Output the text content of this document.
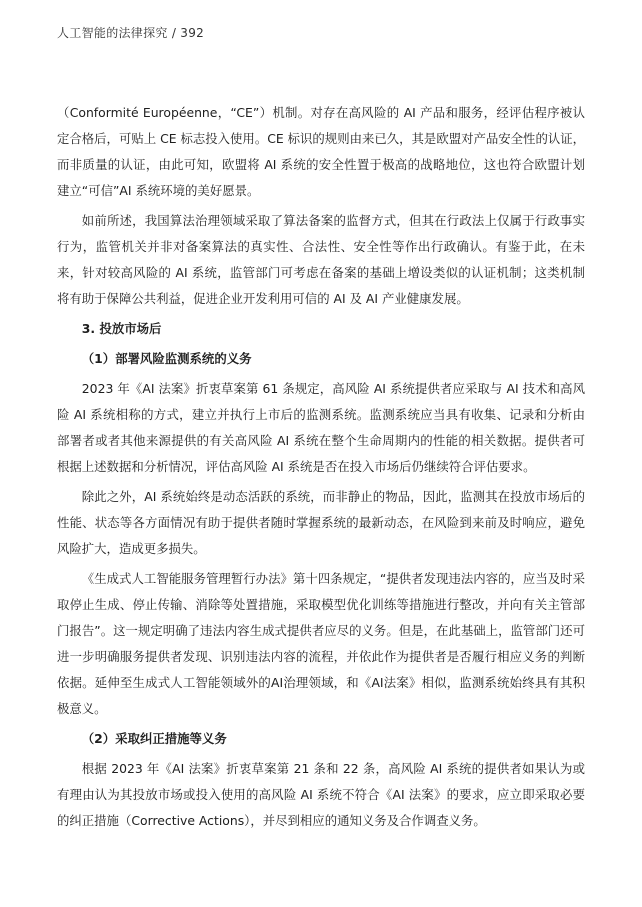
人工智能的法律探究 / 392

（Conformité Européenne，“CE”）机制。对存在高风险的 AI 产品和服务，经评估程序被认定合格后，可贴上 CE 标志投入使用。CE 标识的规则由来已久，其是欧盟对产品安全性的认证，而非质量的认证，由此可知，欧盟将 AI 系统的安全性置于极高的战略地位，这也符合欧盟计划建立“可信”AI 系统环境的美好愿景。

如前所述，我国算法治理领域采取了算法备案的监督方式，但其在行政法上仅属于行政事实行为，监管机关并非对备案算法的真实性、合法性、安全性等作出行政确认。有鉴于此，在未来，针对较高风险的 AI 系统，监管部门可考虑在备案的基础上增设类似的认证机制；这类机制将有助于保障公共利益，促进企业开发利用可信的 AI 及 AI 产业健康发展。

3. 投放市场后

（1）部署风险监测系统的义务

2023 年《AI 法案》折衷草案第 61 条规定，高风险 AI 系统提供者应采取与 AI 技术和高风险 AI 系统相称的方式，建立并执行上市后的监测系统。监测系统应当具有收集、记录和分析由部署者或者其他来源提供的有关高风险 AI 系统在整个生命周期内的性能的相关数据。提供者可根据上述数据和分析情况，评估高风险 AI 系统是否在投入市场后仍继续符合评估要求。

除此之外，AI 系统始终是动态活跃的系统，而非静止的物品，因此，监测其在投放市场后的性能、状态等各方面情况有助于提供者随时掌握系统的最新动态，在风险到来前及时响应，避免风险扩大，造成更多损失。

《生成式人工智能服务管理暂行办法》第十四条规定，“提供者发现违法内容的，应当及时采取停止生成、停止传输、消除等处置措施，采取模型优化训练等措施进行整改，并向有关主管部门报告”。这一规定明确了违法内容生成式提供者应尽的义务。但是，在此基础上，监管部门还可进一步明确服务提供者发现、识别违法内容的流程，并依此作为提供者是否履行相应义务的判断依据。延伸至生成式人工智能领域外的AI治理领域，和《AI法案》相似，监测系统始终具有其积极意义。

（2）采取纠正措施等义务

根据 2023 年《AI 法案》折衷草案第 21 条和 22 条，高风险 AI 系统的提供者如果认为或有理由认为其投放市场或投入使用的高风险 AI 系统不符合《AI 法案》的要求，应立即采取必要的纠正措施（Corrective Actions），并尽到相应的通知义务及合作调查义务。
